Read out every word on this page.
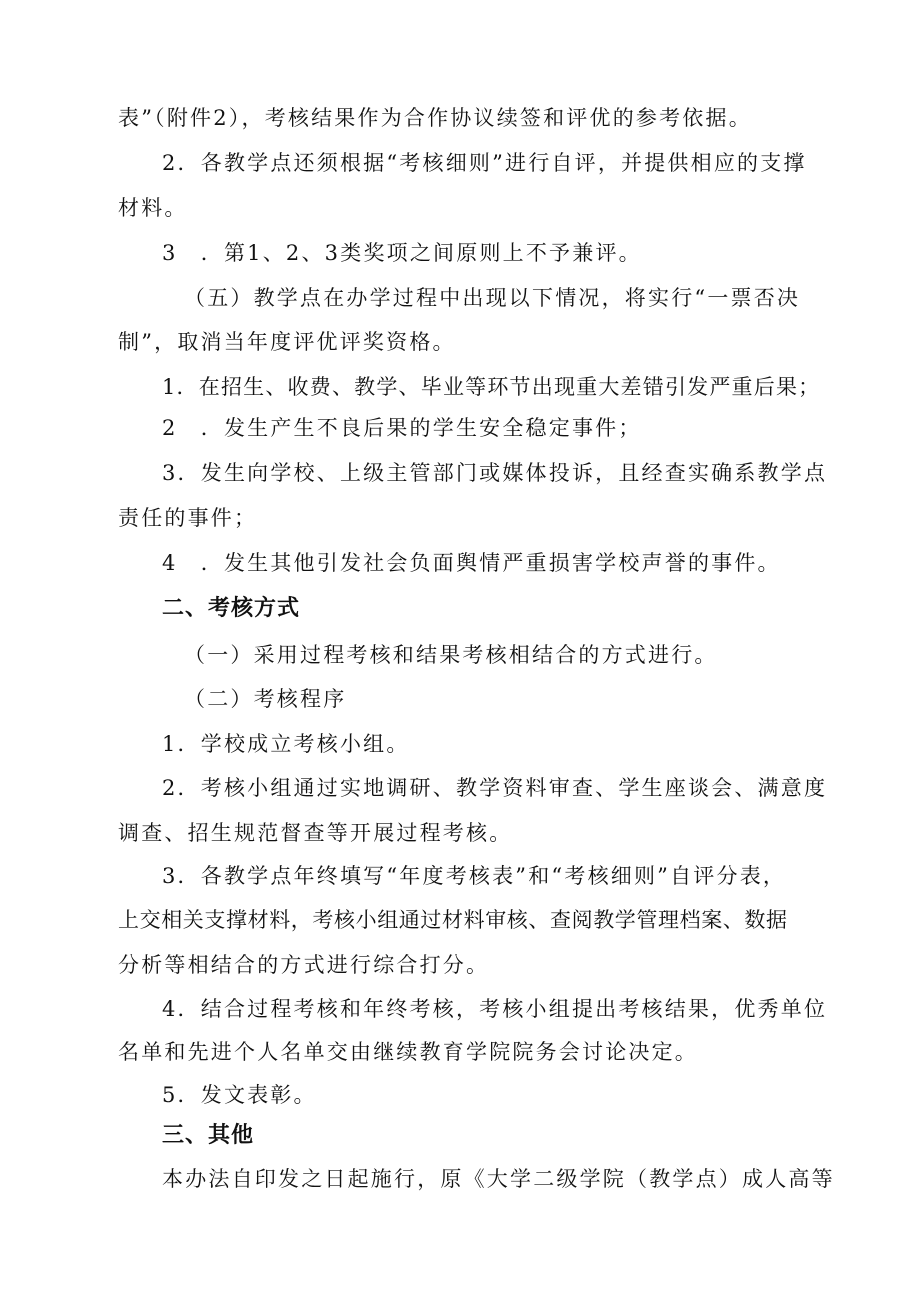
表”（附件2），考核结果作为合作协议续签和评优的参考依据。
2．各教学点还须根据“考核细则”进行自评，并提供相应的支撑
材料。
3　．第1、2、3类奖项之间原则上不予兼评。
（五）教学点在办学过程中出现以下情况，将实行“一票否决
制”，取消当年度评优评奖资格。
1．在招生、收费、教学、毕业等环节出现重大差错引发严重后果；
2　．发生产生不良后果的学生安全稳定事件；
3．发生向学校、上级主管部门或媒体投诉，且经查实确系教学点
责任的事件；
4　．发生其他引发社会负面舆情严重损害学校声誉的事件。
二、考核方式
（一）采用过程考核和结果考核相结合的方式进行。
（二）考核程序
1．学校成立考核小组。
2．考核小组通过实地调研、教学资料审查、学生座谈会、满意度
调查、招生规范督查等开展过程考核。
3．各教学点年终填写“年度考核表”和“考核细则”自评分表，
上交相关支撑材料，考核小组通过材料审核、查阅教学管理档案、数据
分析等相结合的方式进行综合打分。
4．结合过程考核和年终考核，考核小组提出考核结果，优秀单位
名单和先进个人名单交由继续教育学院院务会讨论决定。
5．发文表彰。
三、其他
本办法自印发之日起施行，原《大学二级学院（教学点）成人高等
